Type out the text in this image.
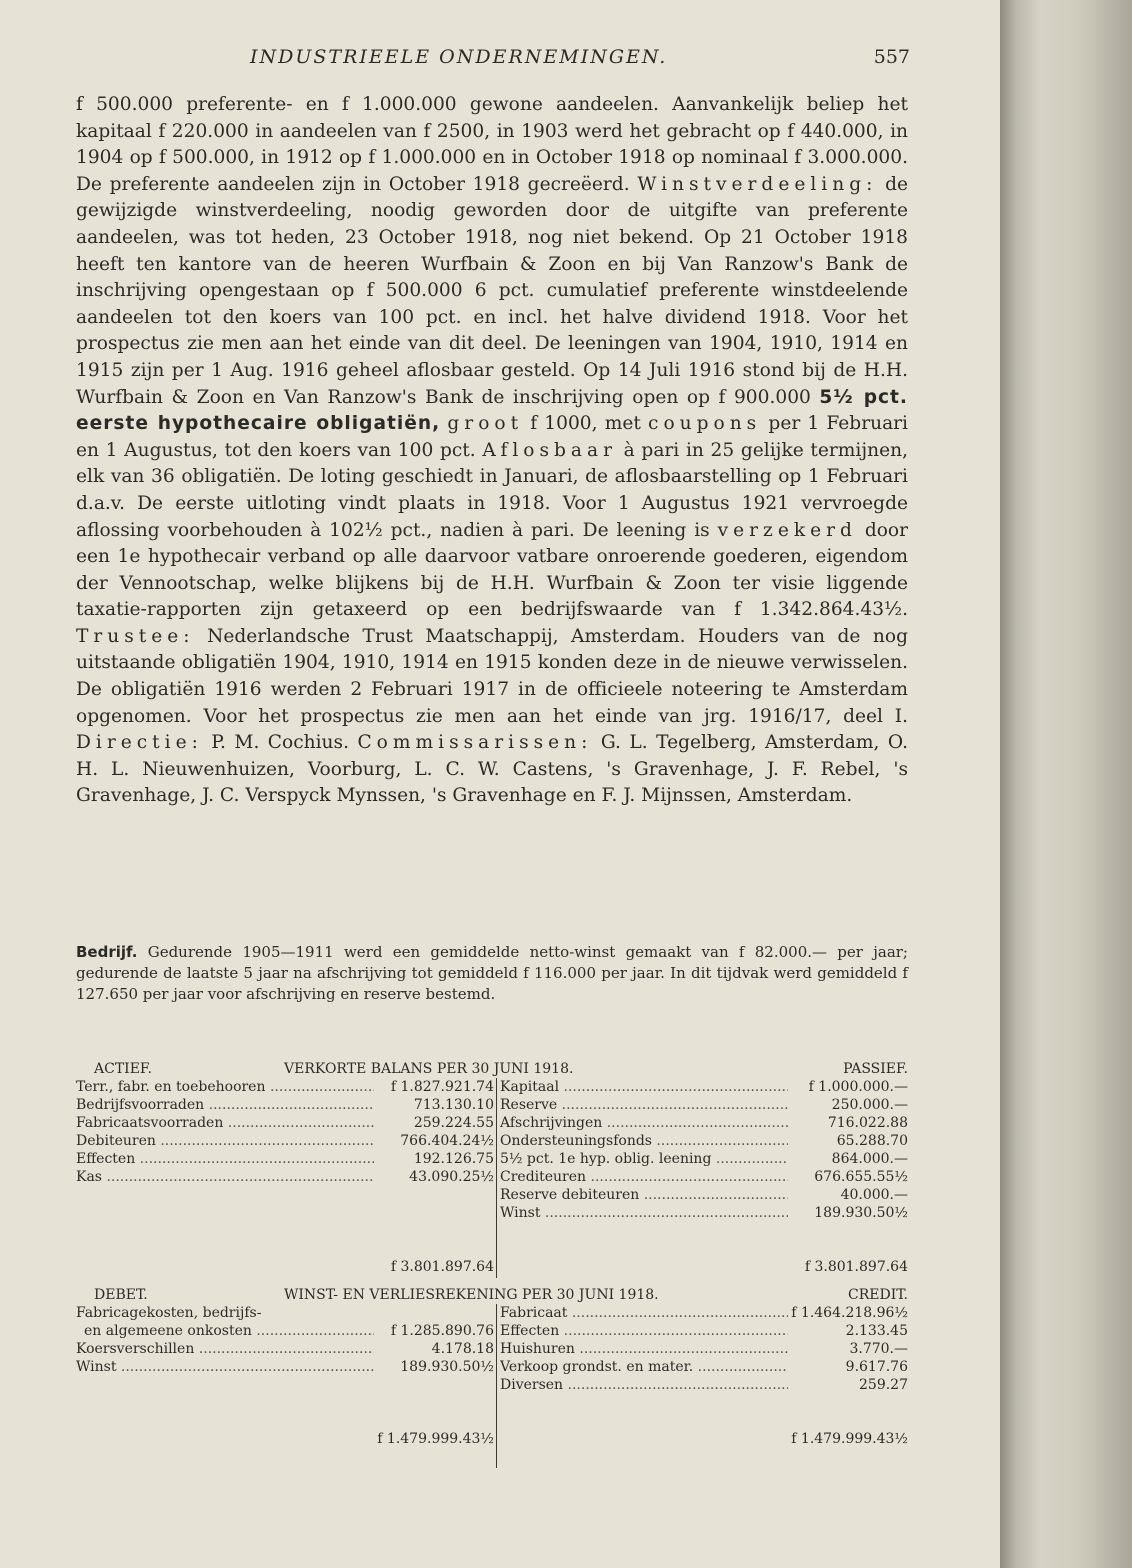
INDUSTRIEELE ONDERNEMINGEN.	557

f 500.000 preferente- en f 1.000.000 gewone aandeelen. Aanvankelijk beliep het kapitaal f 220.000 in aandeelen van f 2500, in 1903 werd het gebracht op f 440.000, in 1904 op f 500.000, in 1912 op f 1.000.000 en in October 1918 op nominaal f 3.000.000. De preferente aandeelen zijn in October 1918 gecreëerd. Winstverdeeling: de gewijzigde winstverdeeling, noodig geworden door de uitgifte van preferente aandeelen, was tot heden, 23 October 1918, nog niet bekend. Op 21 October 1918 heeft ten kantore van de heeren Wurfbain & Zoon en bij Van Ranzow's Bank de inschrijving opengestaan op f 500.000 6 pct. cumulatief preferente winstdeelende aandeelen tot den koers van 100 pct. en incl. het halve dividend 1918. Voor het prospectus zie men aan het einde van dit deel. De leeningen van 1904, 1910, 1914 en 1915 zijn per 1 Aug. 1916 geheel aflosbaar gesteld. Op 14 Juli 1916 stond bij de H.H. Wurfbain & Zoon en Van Ranzow's Bank de inschrijving open op f 900.000 5½ pct. eerste hypothecaire obligatiën, groot f 1000, met coupons per 1 Februari en 1 Augustus, tot den koers van 100 pct. Aflosbaar à pari in 25 gelijke termijnen, elk van 36 obligatiën. De loting geschiedt in Januari, de aflosbaarstelling op 1 Februari d.a.v. De eerste uitloting vindt plaats in 1918. Voor 1 Augustus 1921 vervroegde aflossing voorbehouden à 102½ pct., nadien à pari. De leening is verzekerd door een 1e hypothecair verband op alle daarvoor vatbare onroerende goederen, eigendom der Vennootschap, welke blijkens bij de H.H. Wurfbain & Zoon ter visie liggende taxatie-rapporten zijn getaxeerd op een bedrijfswaarde van f 1.342.864.43½. Trustee: Nederlandsche Trust Maatschappij, Amsterdam. Houders van de nog uitstaande obligatiën 1904, 1910, 1914 en 1915 konden deze in de nieuwe verwisselen. De obligatiën 1916 werden 2 Februari 1917 in de officieele noteering te Amsterdam opgenomen. Voor het prospectus zie men aan het einde van jrg. 1916/17, deel I. Directie: P. M. Cochius. Commissarissen: G. L. Tegelberg, Amsterdam, O. H. L. Nieuwenhuizen, Voorburg, L. C. W. Castens, 's Gravenhage, J. F. Rebel, 's Gravenhage, J. C. Verspyck Mynssen, 's Gravenhage en F. J. Mijnssen, Amsterdam.

Bedrijf. Gedurende 1905—1911 werd een gemiddelde netto-winst gemaakt van f 82.000.— per jaar; gedurende de laatste 5 jaar na afschrijving tot gemiddeld f 116.000 per jaar. In dit tijdvak werd gemiddeld f 127.650 per jaar voor afschrijving en reserve bestemd.
ACTIEF.	VERKORTE BALANS PER 30 JUNI 1918.	PASSIEF.
Terr., fabr. en toebehooren .....	f 1.827.921.74
Bedrijfsvoorraden .....	713.130.10
Fabricaatsvoorraden .....	259.224.55
Debiteuren .....	766.404.24½
Effecten .....	192.126.75
Kas .....	43.090.25½
f 3.801.897.64
Kapitaal .....	f 1.000.000.—
Reserve .....	250.000.—
Afschrijvingen .....	716.022.88
Ondersteuningsfonds .....	65.288.70
5½ pct. 1e hyp. oblig. leening .....	864.000.—
Crediteuren .....	676.655.55½
Reserve debiteuren .....	40.000.—
Winst .....	189.930.50½
f 3.801.897.64
DEBET.	WINST- EN VERLIESREKENING PER 30 JUNI 1918.	CREDIT.
Fabricagekosten, bedrijfs-
en algemeene onkosten .....	f 1.285.890.76
Koersverschillen .....	4.178.18
Winst .....	189.930.50½
f 1.479.999.43½
Fabricaat .....	f 1.464.218.96½
Effecten .....	2.133.45
Huishuren .....	3.770.—
Verkoop grondst. en mater. .....	9.617.76
Diversen .....	259.27
f 1.479.999.43½
